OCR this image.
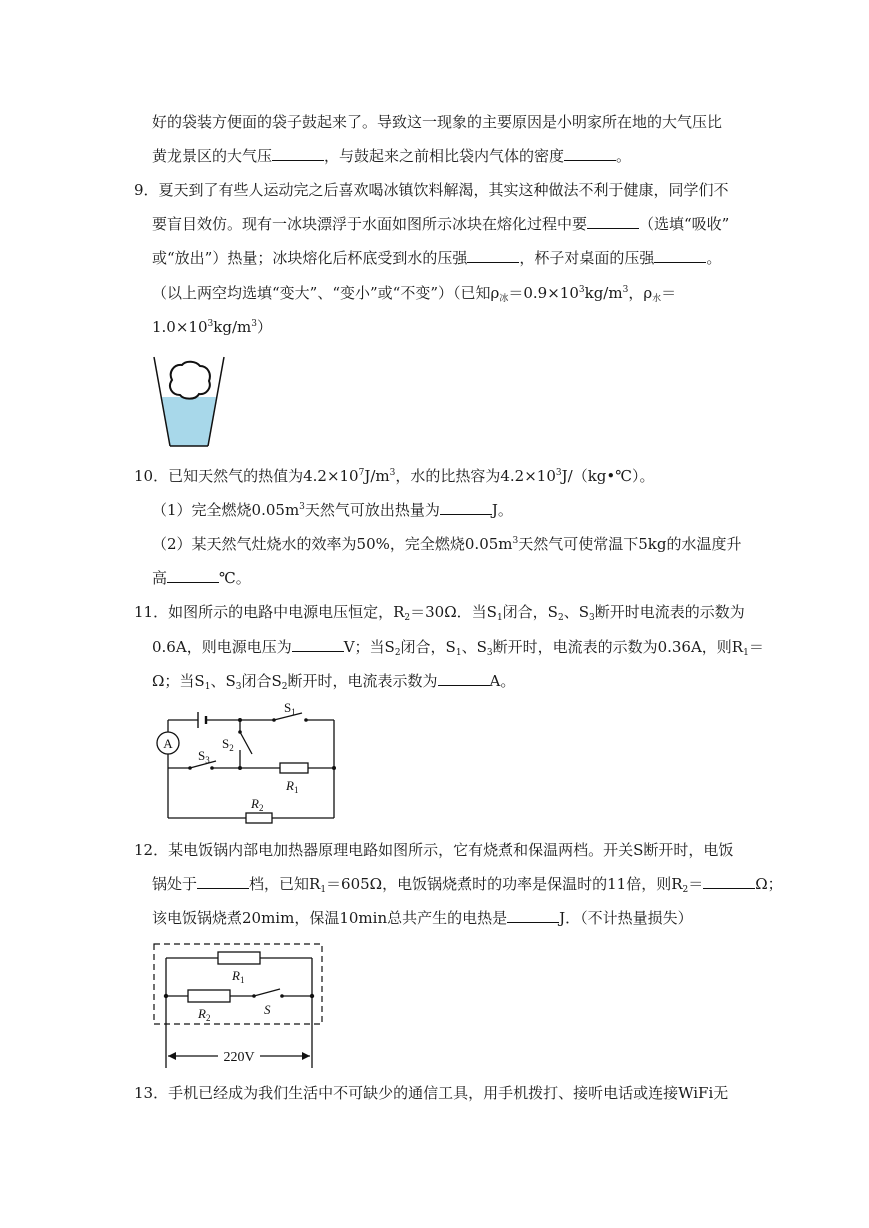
好的袋装方便面的袋子鼓起来了。导致这一现象的主要原因是小明家所在地的大气压比
黄龙景区的大气压	，与鼓起来之前相比袋内气体的密度	。
9．夏天到了有些人运动完之后喜欢喝冰镇饮料解渴，其实这种做法不利于健康，同学们不
要盲目效仿。现有一冰块漂浮于水面如图所示冰块在熔化过程中要	（选填“吸收”
或“放出”）热量；冰块熔化后杯底受到水的压强	，杯子对桌面的压强	。
（以上两空均选填“变大”、“变小”或“不变”）（已知$\rho_冰=0.9\times 10^3kg/m^3$，$\rho_水=$
$1.0\times 10^3kg/m^3$）
10．已知天然气的热值为$4.2\times 10^7J/m^3$，水的比热容为$4.2\times 10^3J/(kg•℃)$。
（1）完全燃烧$0.05m^3$天然气可放出热量为	J。
（2）某天然气灶烧水的效率为50%，完全燃烧$0.05m^3$天然气可使常温下5kg的水温度升
高	℃。
11．如图所示的电路中电源电压恒定，$R_2=30\Omega$．当$S_1$闭合，$S_2$、$S_3$断开时电流表的示数为
0.6A，则电源电压为	V；当$S_2$闭合，$S_1$、$S_3$断开时，电流表的示数为0.36A，则$R_1=$
Ω；当$S_1$、$S_3$闭合$S_2$断开时，电流表示数为	A。
A
$S_1$
$S_2$
$S_3$
$R_1$
$R_2$
12．某电饭锅内部电加热器原理电路如图所示，它有烧煮和保温两档。开关S断开时，电饭
锅处于	档，已知$R_1=605\Omega$，电饭锅烧煮时的功率是保温时的11倍，则$R_2=$	Ω；
该电饭锅烧煮20mim，保温10min总共产生的电热是	J．（不计热量损失）
$R_1$
$R_2$
S
220V
13．手机已经成为我们生活中不可缺少的通信工具，用手机拨打、接听电话或连接WiFi无
